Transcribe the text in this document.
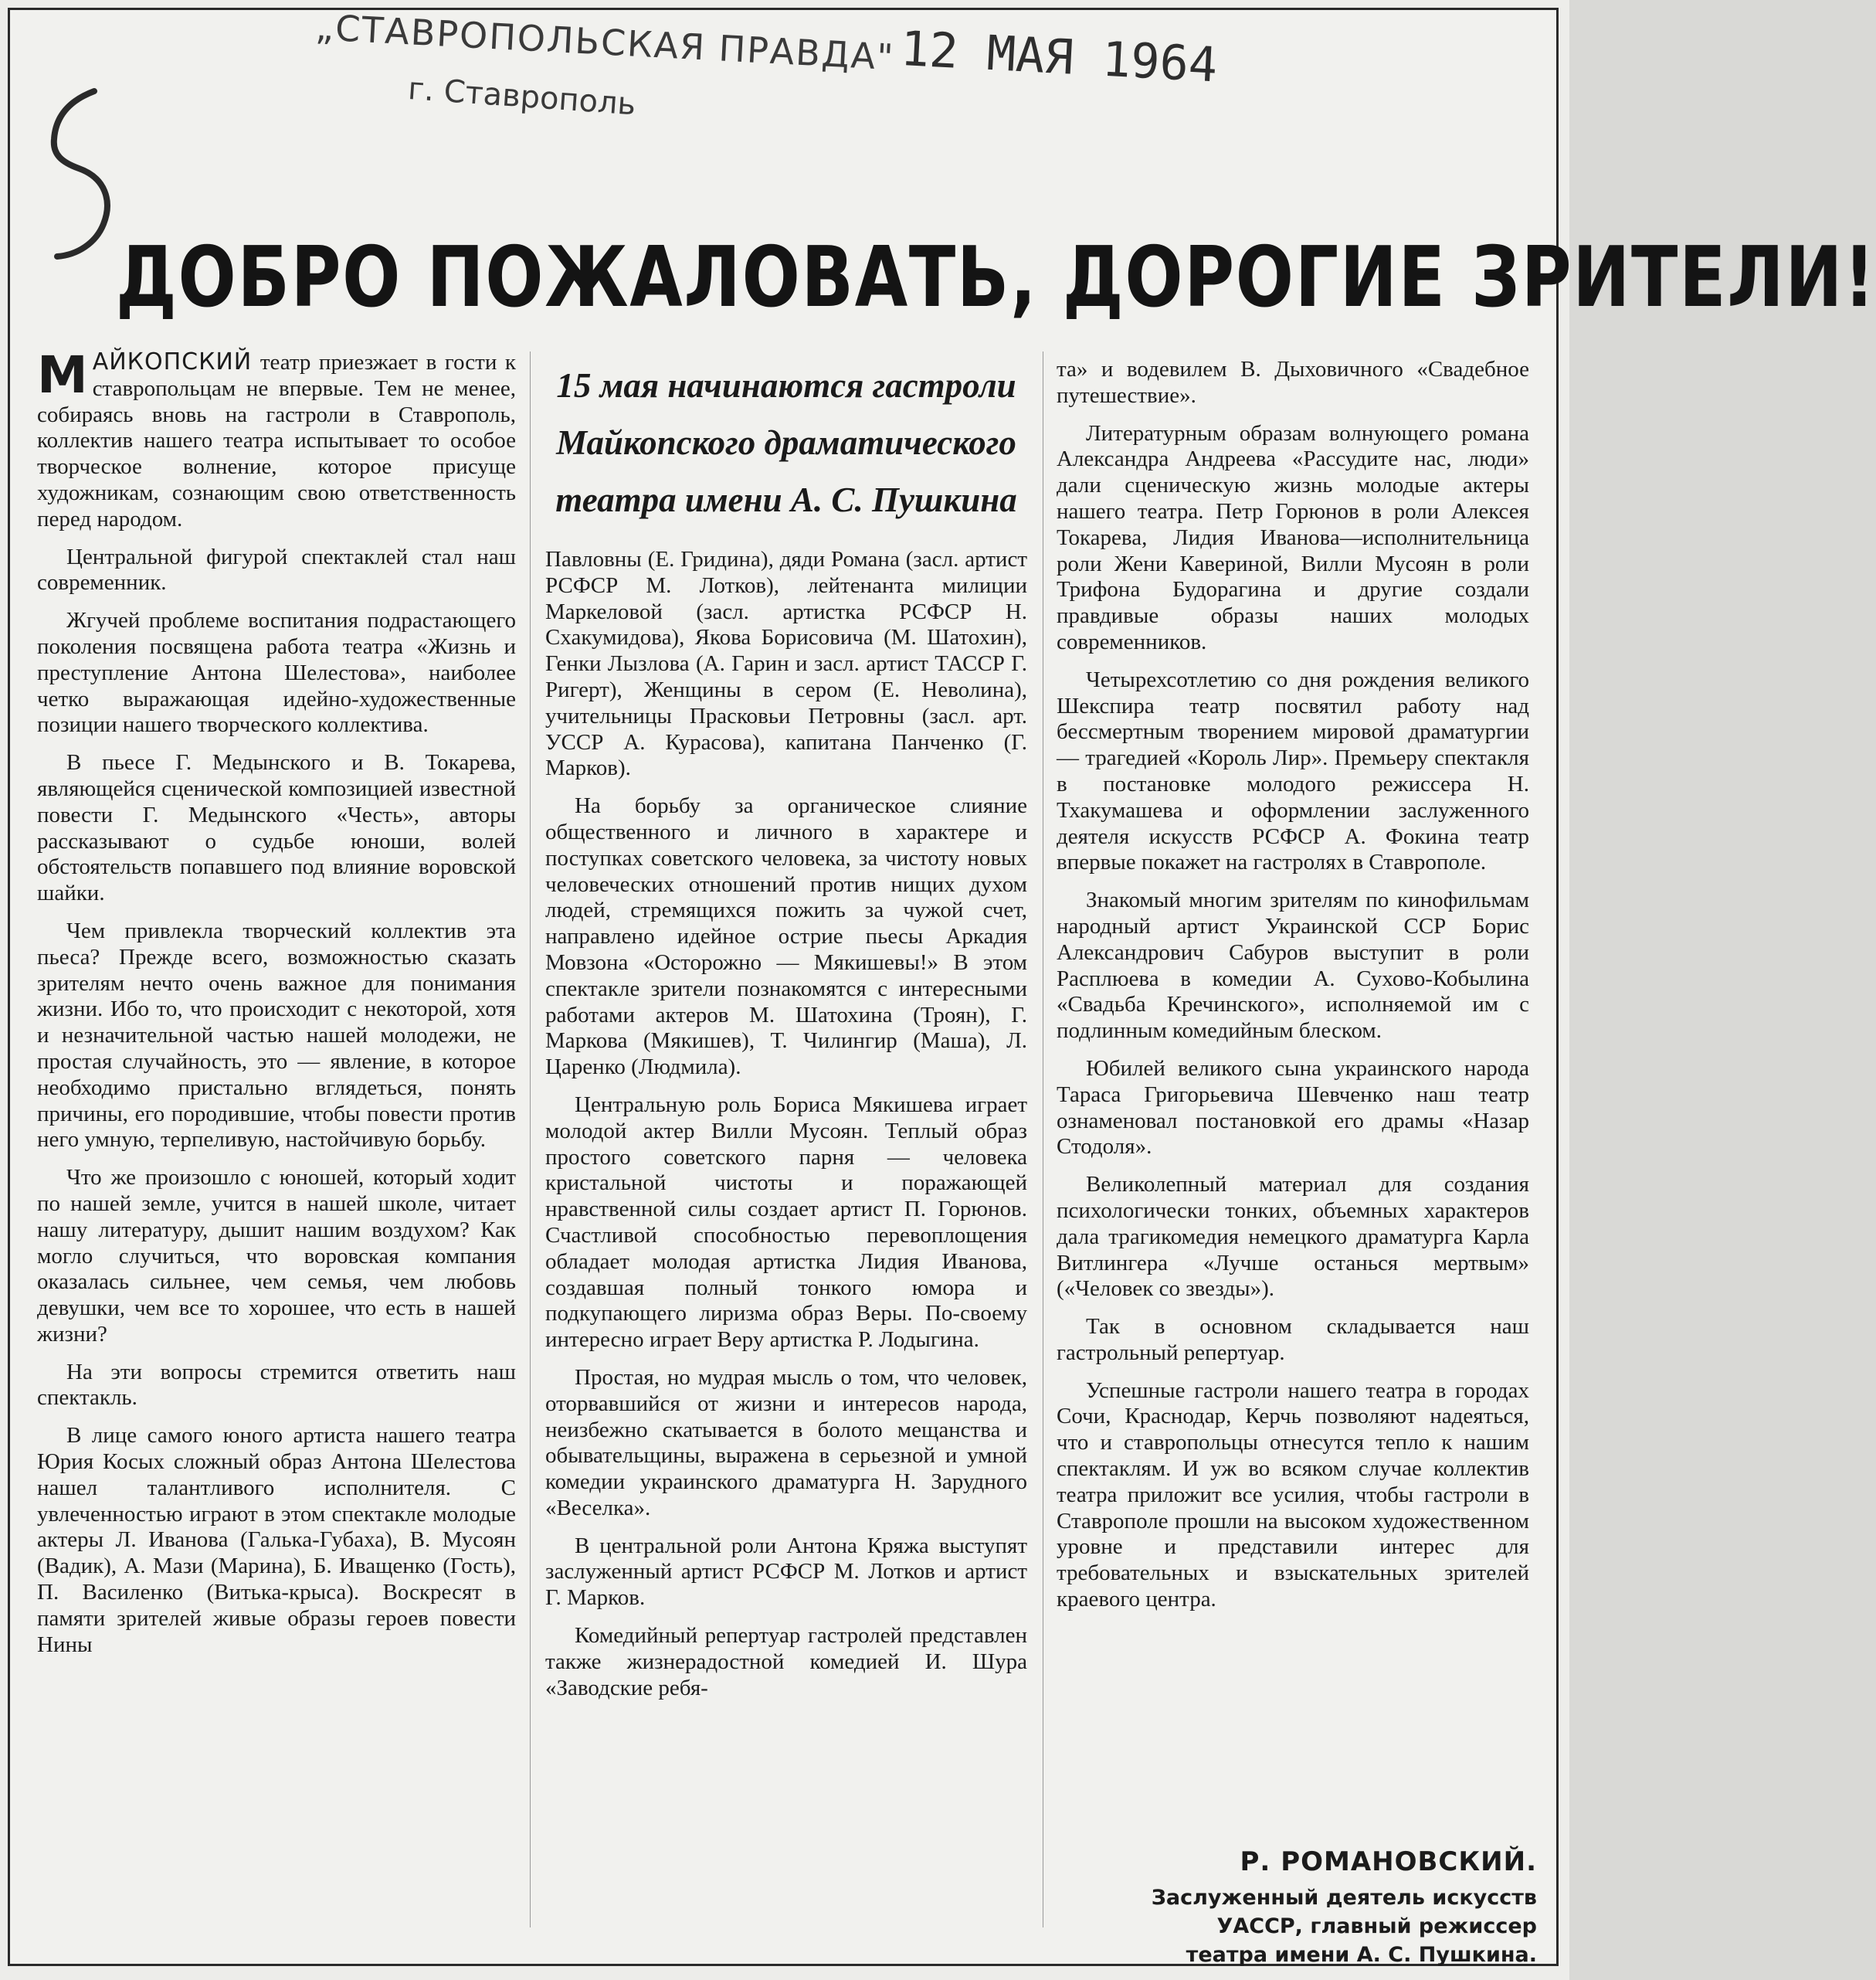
„СТАВРОПОЛЬСКАЯ ПРАВДА"
г. Ставрополь
12 МАЯ 1964
ДОБРО ПОЖАЛОВАТЬ, ДОРОГИЕ ЗРИТЕЛИ!

МАЙКОПСКИЙ театр приезжает в гости к ставропольцам не впервые. Тем не менее, собираясь вновь на гастроли в Ставрополь, коллектив нашего театра испытывает то особое творческое волнение, которое присуще художникам, сознающим свою ответственность перед народом.

Центральной фигурой спектаклей стал наш современник.

Жгучей проблеме воспитания подрастающего поколения посвящена работа театра «Жизнь и преступление Антона Шелестова», наиболее четко выражающая идейно-художественные позиции нашего творческого коллектива.

В пьесе Г. Медынского и В. Токарева, являющейся сценической композицией известной повести Г. Медынского «Честь», авторы рассказывают о судьбе юноши, волей обстоятельств попавшего под влияние воровской шайки.

Чем привлекла творческий коллектив эта пьеса? Прежде всего, возможностью сказать зрителям нечто очень важное для понимания жизни. Ибо то, что происходит с некоторой, хотя и незначительной частью нашей молодежи, не простая случайность, это — явление, в которое необходимо пристально вглядеться, понять причины, его породившие, чтобы повести против него умную, терпеливую, настойчивую борьбу.

Что же произошло с юношей, который ходит по нашей земле, учится в нашей школе, читает нашу литературу, дышит нашим воздухом? Как могло случиться, что воровская компания оказалась сильнее, чем семья, чем любовь девушки, чем все то хорошее, что есть в нашей жизни?

На эти вопросы стремится ответить наш спектакль.

В лице самого юного артиста нашего театра Юрия Косых сложный образ Антона Шелестова нашел талантливого исполнителя. С увлеченностью играют в этом спектакле молодые актеры Л. Иванова (Галька-Губаха), В. Мусоян (Вадик), А. Мази (Марина), Б. Иващенко (Гость), П. Василенко (Витька-крыса). Воскресят в памяти зрителей живые образы героев повести Нины

15 мая начинаются гастроли
Майкопского драматического
театра имени А. С. Пушкина

Павловны (Е. Гридина), дяди Романа (засл. артист РСФСР М. Лотков), лейтенанта милиции Маркеловой (засл. артистка РСФСР Н. Схакумидова), Якова Борисовича (М. Шатохин), Генки Лызлова (А. Гарин и засл. артист ТАССР Г. Ригерт), Женщины в сером (Е. Неволина), учительницы Прасковьи Петровны (засл. арт. УССР А. Курасова), капитана Панченко (Г. Марков).

На борьбу за органическое слияние общественного и личного в характере и поступках советского человека, за чистоту новых человеческих отношений против нищих духом людей, стремящихся пожить за чужой счет, направлено идейное острие пьесы Аркадия Мовзона «Осторожно — Мякишевы!» В этом спектакле зрители познакомятся с интересными работами актеров М. Шатохина (Троян), Г. Маркова (Мякишев), Т. Чилингир (Маша), Л. Царенко (Людмила).

Центральную роль Бориса Мякишева играет молодой актер Вилли Мусоян. Теплый образ простого советского парня — человека кристальной чистоты и поражающей нравственной силы создает артист П. Горюнов. Счастливой способностью перевоплощения обладает молодая артистка Лидия Иванова, создавшая полный тонкого юмора и подкупающего лиризма образ Веры. По-своему интересно играет Веру артистка Р. Лодыгина.

Простая, но мудрая мысль о том, что человек, оторвавшийся от жизни и интересов народа, неизбежно скатывается в болото мещанства и обывательщины, выражена в серьезной и умной комедии украинского драматурга Н. Зарудного «Веселка».

В центральной роли Антона Кряжа выступят заслуженный артист РСФСР М. Лотков и артист Г. Марков.

Комедийный репертуар гастролей представлен также жизнерадостной комедией И. Шура «Заводские ребя-

та» и водевилем В. Дыховичного «Свадебное путешествие».

Литературным образам волнующего романа Александра Андреева «Рассудите нас, люди» дали сценическую жизнь молодые актеры нашего театра. Петр Горюнов в роли Алексея Токарева, Лидия Иванова—исполнительница роли Жени Кавериной, Вилли Мусоян в роли Трифона Будорагина и другие создали правдивые образы наших молодых современников.

Четырехсотлетию со дня рождения великого Шекспира театр посвятил работу над бессмертным творением мировой драматургии — трагедией «Король Лир». Премьеру спектакля в постановке молодого режиссера Н. Тхакумашева и оформлении заслуженного деятеля искусств РСФСР А. Фокина театр впервые покажет на гастролях в Ставрополе.

Знакомый многим зрителям по кинофильмам народный артист Украинской ССР Борис Александрович Сабуров выступит в роли Расплюева в комедии А. Сухово-Кобылина «Свадьба Кречинского», исполняемой им с подлинным комедийным блеском.

Юбилей великого сына украинского народа Тараса Григорьевича Шевченко наш театр ознаменовал постановкой его драмы «Назар Стодоля».

Великолепный материал для создания психологически тонких, объемных характеров дала трагикомедия немецкого драматурга Карла Витлингера «Лучше останься мертвым» («Человек со звезды»).

Так в основном складывается наш гастрольный репертуар.

Успешные гастроли нашего театра в городах Сочи, Краснодар, Керчь позволяют надеяться, что и ставропольцы отнесутся тепло к нашим спектаклям. И уж во всяком случае коллектив театра приложит все усилия, чтобы гастроли в Ставрополе прошли на высоком художественном уровне и представили интерес для требовательных и взыскательных зрителей краевого центра.

Р. РОМАНОВСКИЙ.
Заслуженный деятель искусств
УАССР, главный режиссер
театра имени А. С. Пушкина.
